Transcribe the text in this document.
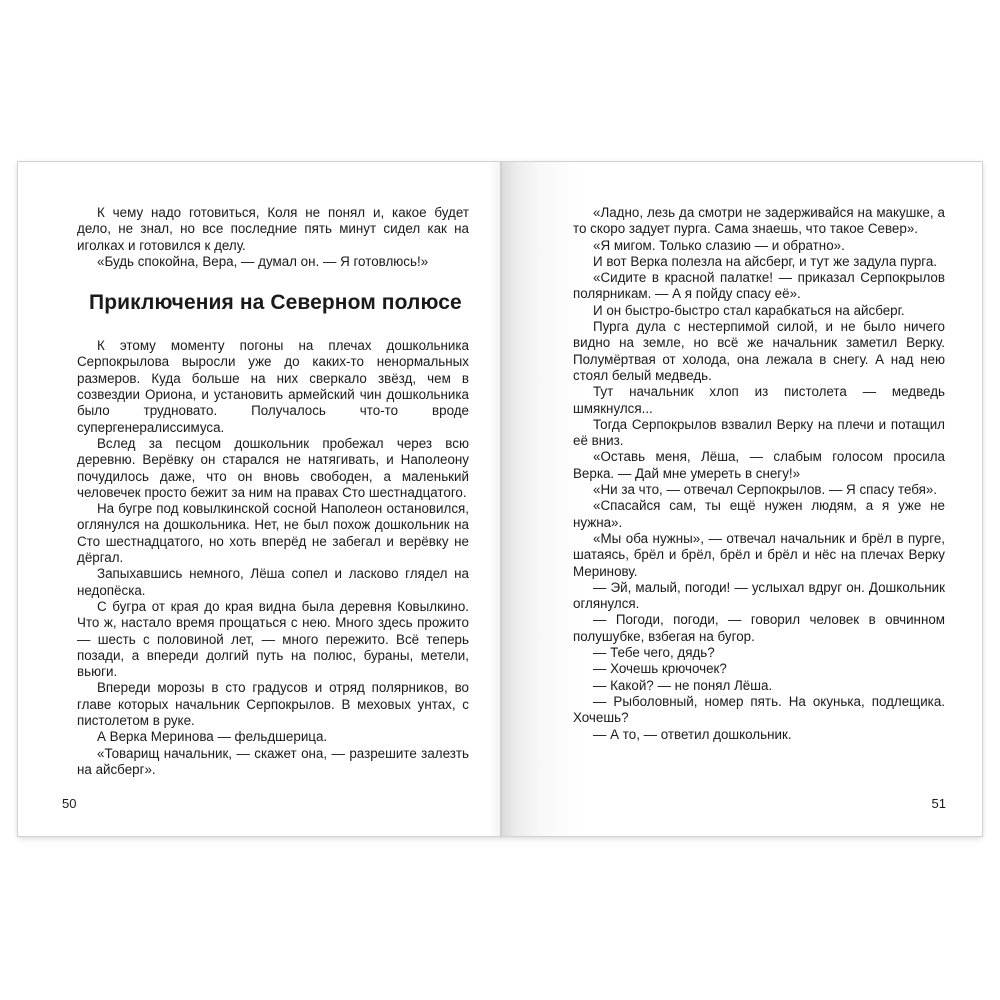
К чему надо готовиться, Коля не понял и, какое будет дело, не знал, но все последние пять минут сидел как на иголках и готовился к делу.

«Будь спокойна, Вера, — думал он. — Я готовлюсь!»

Приключения на Северном полюсе

К этому моменту погоны на плечах дошкольника Серпокрылова выросли уже до каких-то ненормальных размеров. Куда больше на них сверкало звёзд, чем в созвездии Ориона, и установить армейский чин дошкольника было трудновато. Получалось что-то вроде супергенералиссимуса.

Вслед за песцом дошкольник пробежал через всю деревню. Верёвку он старался не натягивать, и Наполеону почудилось даже, что он вновь свободен, а маленький человечек просто бежит за ним на правах Сто шестнадцатого.

На бугре под ковылкинской сосной Наполеон остановился, оглянулся на дошкольника. Нет, не был похож дошкольник на Сто шестнадцатого, но хоть вперёд не забегал и верёвку не дёргал.

Запыхавшись немного, Лёша сопел и ласково глядел на недопёска.

С бугра от края до края видна была деревня Ковылкино. Что ж, настало время прощаться с нею. Много здесь прожито — шесть с половиной лет, — много пережито. Всё теперь позади, а впереди долгий путь на полюс, бураны, метели, вьюги.

Впереди морозы в сто градусов и отряд полярников, во главе которых начальник Серпокрылов. В меховых унтах, с пистолетом в руке.

А Верка Меринова — фельдшерица.

«Товарищ начальник, — скажет она, — разрешите залезть на айсберг».

50

«Ладно, лезь да смотри не задерживайся на макушке, а то скоро задует пурга. Сама знаешь, что такое Север».

«Я мигом. Только слазию — и обратно».

И вот Верка полезла на айсберг, и тут же задула пурга.

«Сидите в красной палатке! — приказал Серпокрылов полярникам. — А я пойду спасу её».

И он быстро-быстро стал карабкаться на айсберг.

Пурга дула с нестерпимой силой, и не было ничего видно на земле, но всё же начальник заметил Верку. Полумёртвая от холода, она лежала в снегу. А над нею стоял белый медведь.

Тут начальник хлоп из пистолета — медведь шмякнулся...

Тогда Серпокрылов взвалил Верку на плечи и потащил её вниз.

«Оставь меня, Лёша, — слабым голосом просила Верка. — Дай мне умереть в снегу!»

«Ни за что, — отвечал Серпокрылов. — Я спасу тебя».

«Спасайся сам, ты ещё нужен людям, а я уже не нужна».

«Мы оба нужны», — отвечал начальник и брёл в пурге, шатаясь, брёл и брёл, брёл и брёл и нёс на плечах Верку Меринову.

— Эй, малый, погоди! — услыхал вдруг он. Дошкольник оглянулся.

— Погоди, погоди, — говорил человек в овчинном полушубке, взбегая на бугор.

— Тебе чего, дядь?

— Хочешь крючочек?

— Какой? — не понял Лёша.

— Рыболовный, номер пять. На окунька, подлещика. Хочешь?

— А то, — ответил дошкольник.

51
